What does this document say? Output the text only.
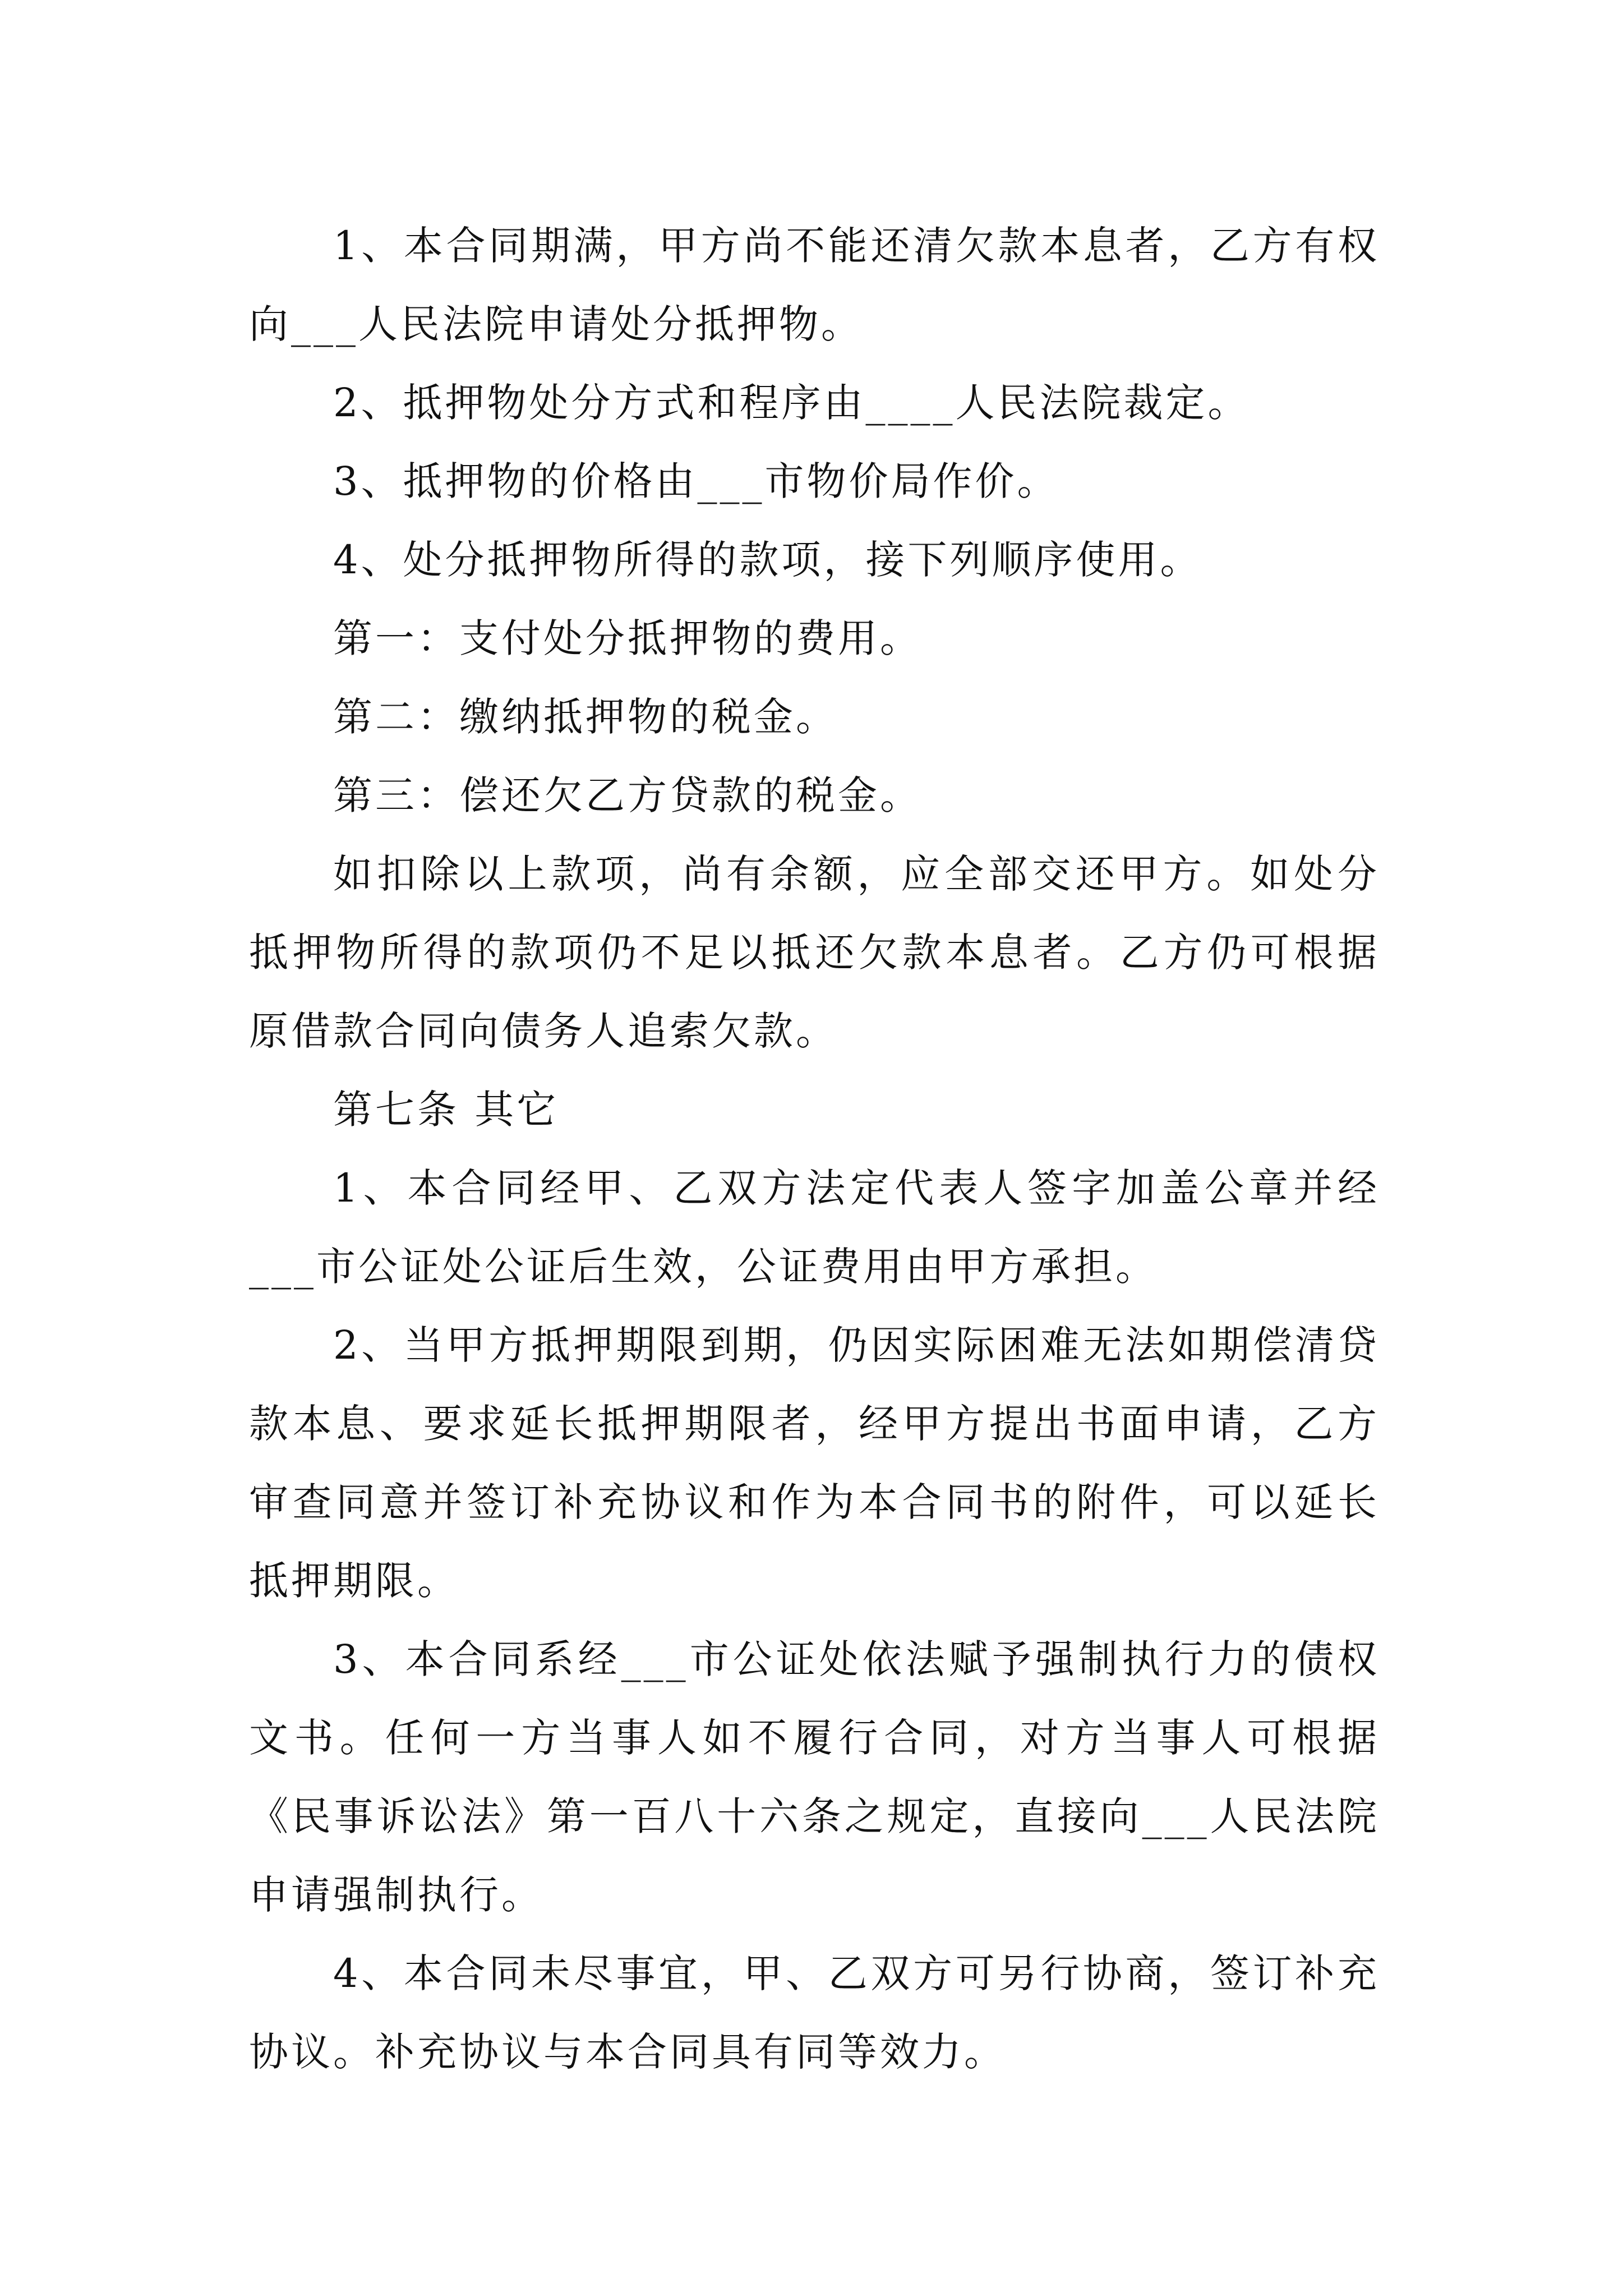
1、本合同期满，甲方尚不能还清欠款本息者，乙方有权向___人民法院申请处分抵押物。

2、抵押物处分方式和程序由____人民法院裁定。

3、抵押物的价格由___市物价局作价。

4、处分抵押物所得的款项，接下列顺序使用。

第一：支付处分抵押物的费用。

第二：缴纳抵押物的税金。

第三：偿还欠乙方贷款的税金。

如扣除以上款项，尚有余额，应全部交还甲方。如处分抵押物所得的款项仍不足以抵还欠款本息者。乙方仍可根据原借款合同向债务人追索欠款。

第七条 其它

1、本合同经甲、乙双方法定代表人签字加盖公章并经___市公证处公证后生效，公证费用由甲方承担。

2、当甲方抵押期限到期，仍因实际困难无法如期偿清贷款本息、要求延长抵押期限者，经甲方提出书面申请，乙方审查同意并签订补充协议和作为本合同书的附件，可以延长抵押期限。

3、本合同系经___市公证处依法赋予强制执行力的债权文书。任何一方当事人如不履行合同，对方当事人可根据《民事诉讼法》第一百八十六条之规定，直接向___人民法院申请强制执行。

4、本合同未尽事宜，甲、乙双方可另行协商，签订补充协议。补充协议与本合同具有同等效力。
